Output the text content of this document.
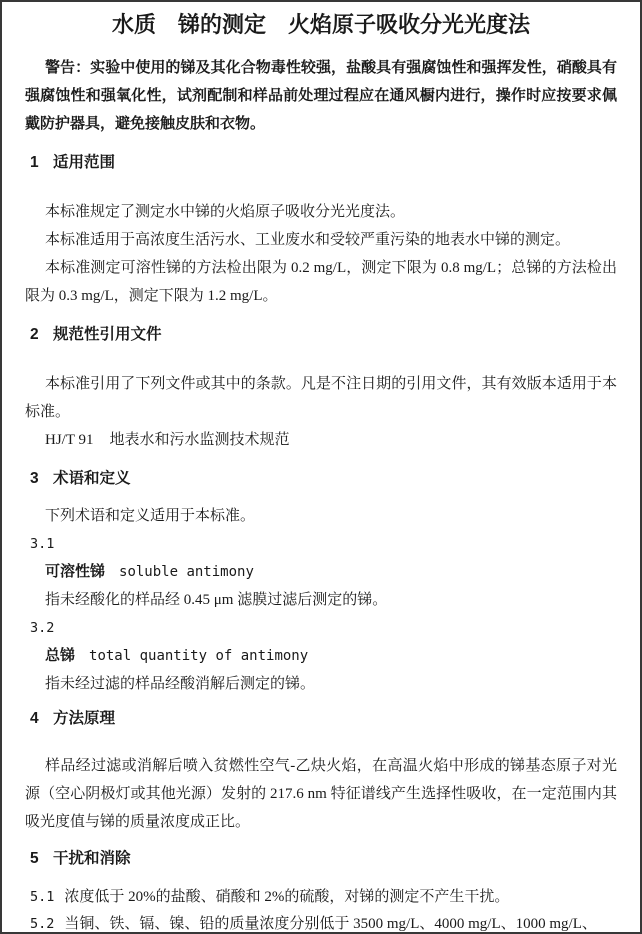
水质　锑的测定　火焰原子吸收分光光度法

警告：实验中使用的锑及其化合物毒性较强，盐酸具有强腐蚀性和强挥发性，硝酸具有强腐蚀性和强氧化性，试剂配制和样品前处理过程应在通风橱内进行，操作时应按要求佩戴防护器具，避免接触皮肤和衣物。

1 适用范围

本标准规定了测定水中锑的火焰原子吸收分光光度法。

本标准适用于高浓度生活污水、工业废水和受较严重污染的地表水中锑的测定。

本标准测定可溶性锑的方法检出限为 0.2 mg/L，测定下限为 0.8 mg/L；总锑的方法检出限为 0.3 mg/L，测定下限为 1.2 mg/L。

2 规范性引用文件

本标准引用了下列文件或其中的条款。凡是不注日期的引用文件，其有效版本适用于本标准。

HJ/T 91 地表水和污水监测技术规范

3 术语和定义

下列术语和定义适用于本标准。

3.1

可溶性锑 soluble antimony

指未经酸化的样品经 0.45 μm 滤膜过滤后测定的锑。

3.2

总锑 total quantity of antimony

指未经过滤的样品经酸消解后测定的锑。

4 方法原理

样品经过滤或消解后喷入贫燃性空气-乙炔火焰，在高温火焰中形成的锑基态原子对光源（空心阴极灯或其他光源）发射的 217.6 nm 特征谱线产生选择性吸收，在一定范围内其吸光度值与锑的质量浓度成正比。

5 干扰和消除

5.1 浓度低于 20%的盐酸、硝酸和 2%的硫酸，对锑的测定不产生干扰。

5.2 当铜、铁、镉、镍、铅的质量浓度分别低于 3500 mg/L、4000 mg/L、1000 mg/L、
